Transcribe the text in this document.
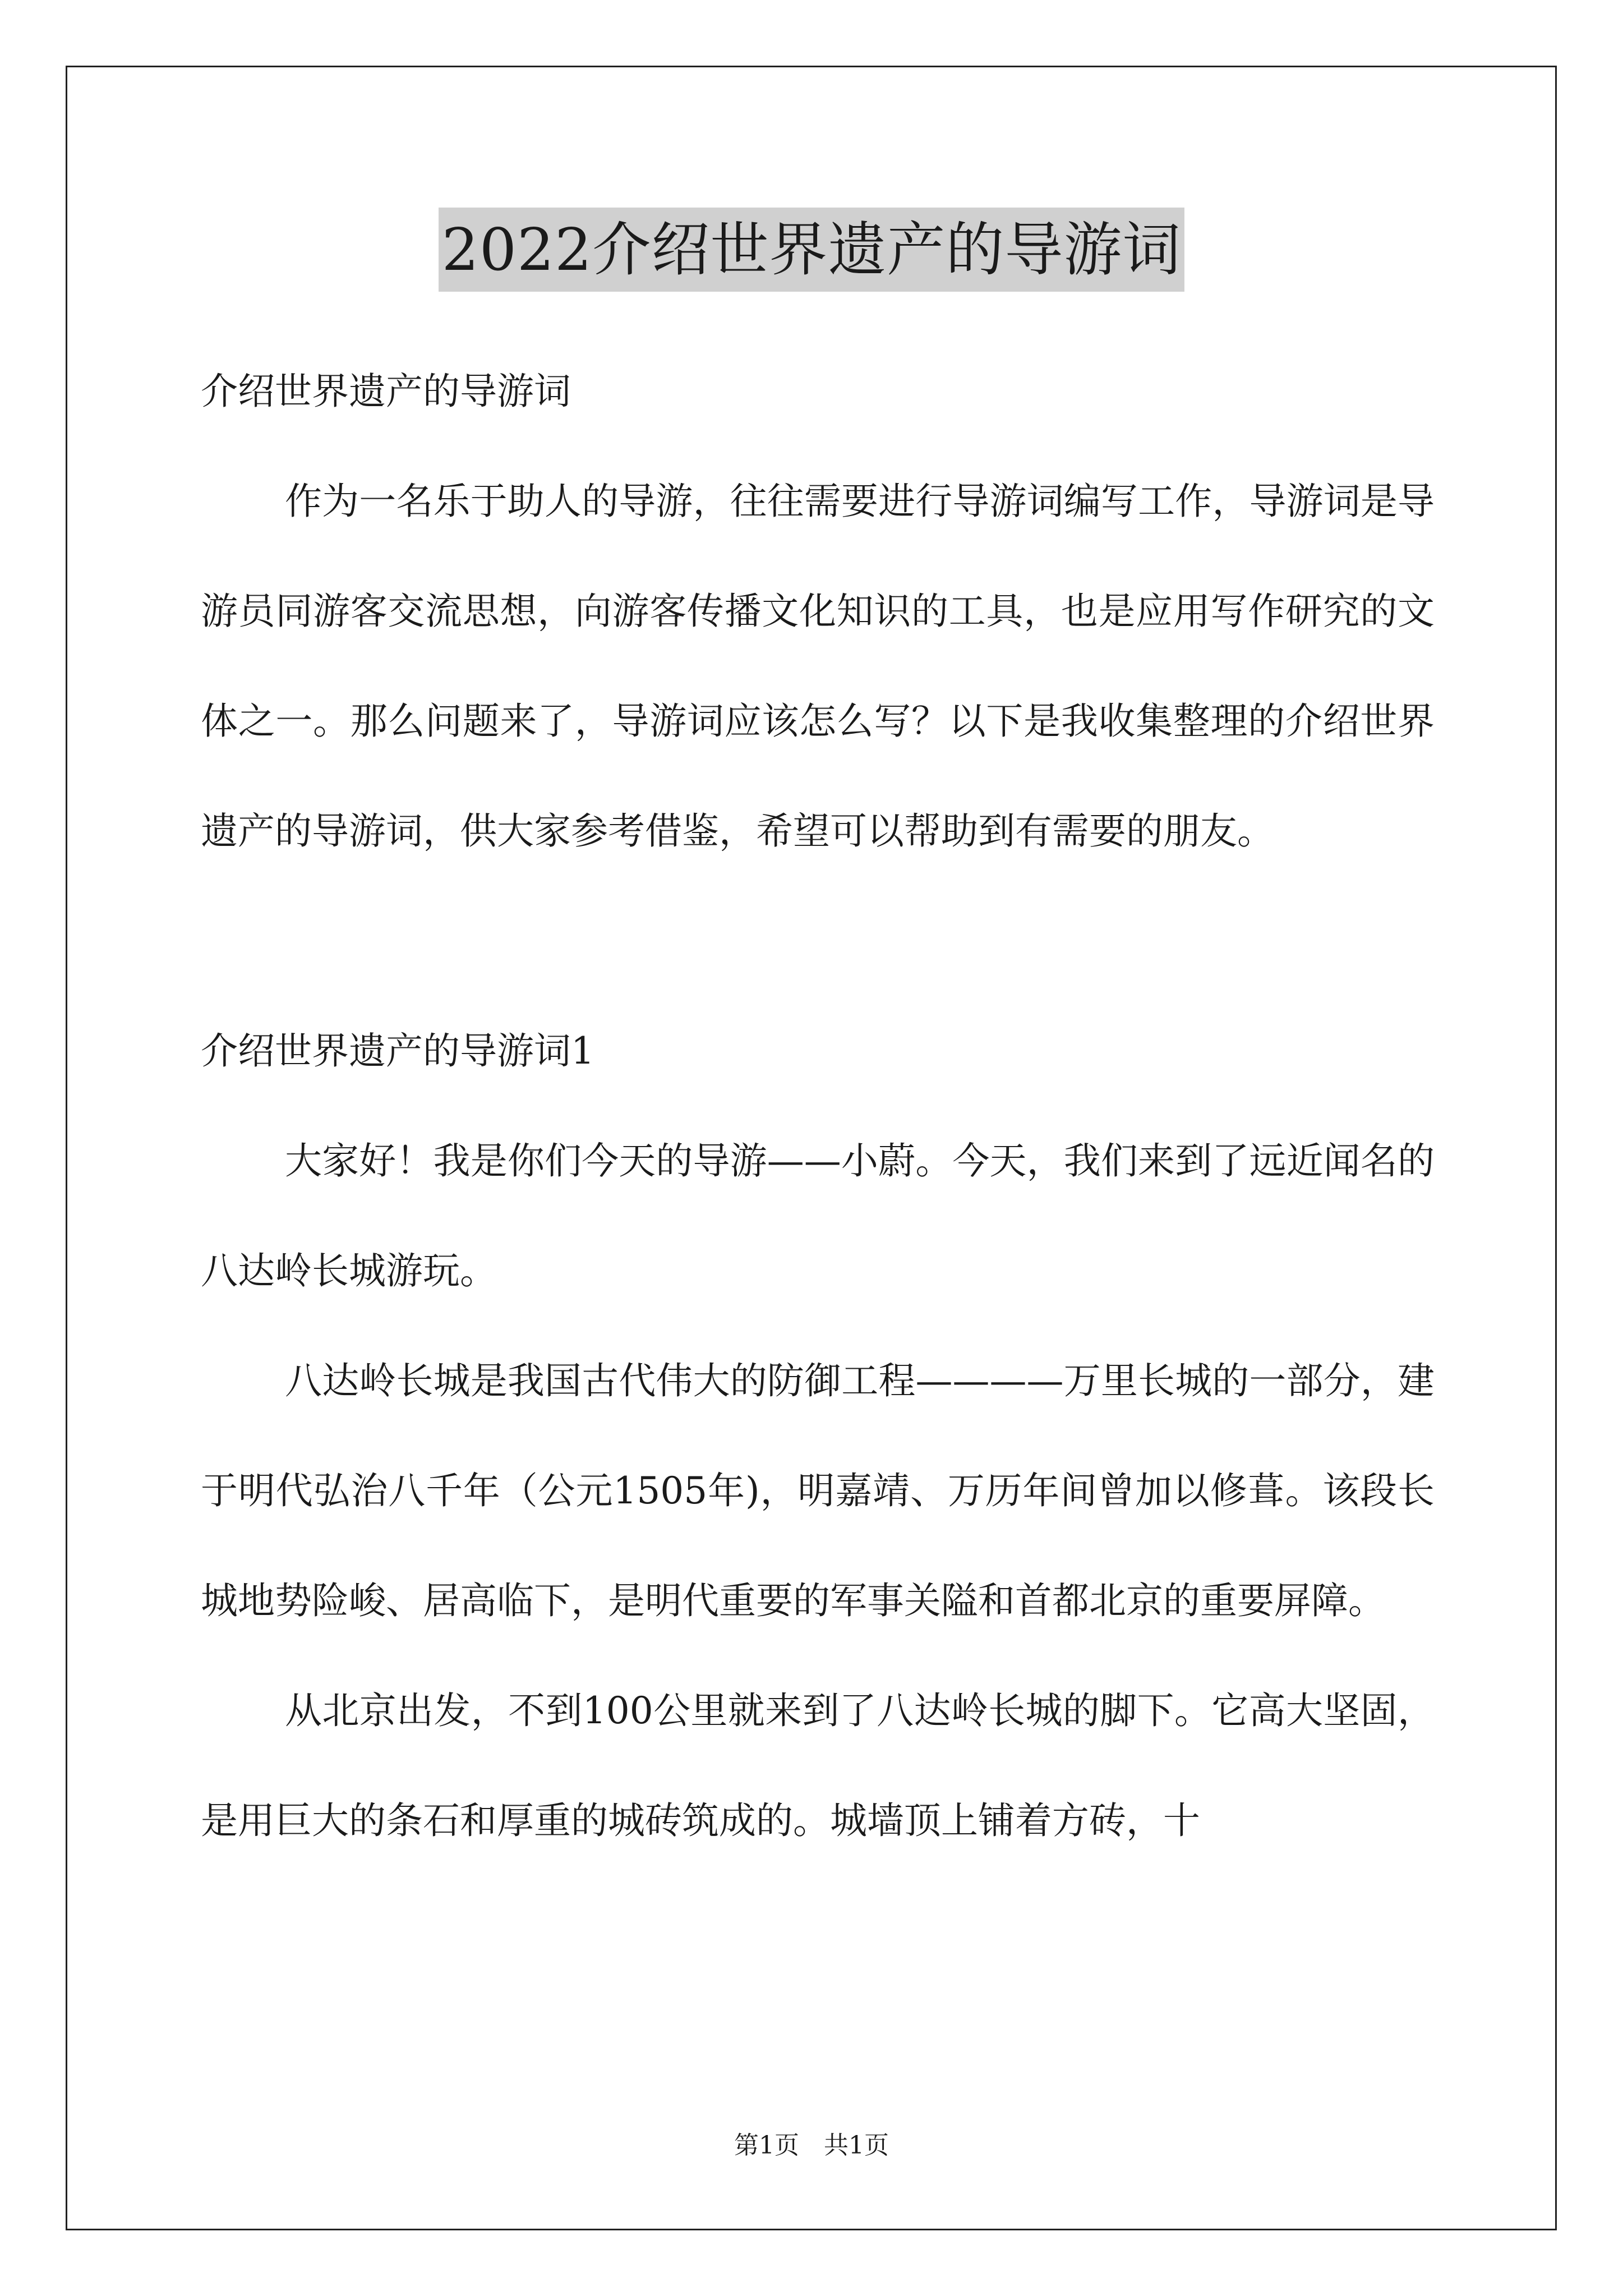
2022介绍世界遗产的导游词

介绍世界遗产的导游词

作为一名乐于助人的导游，往往需要进行导游词编写工作，导游词是导游员同游客交流思想，向游客传播文化知识的工具，也是应用写作研究的文体之一。那么问题来了，导游词应该怎么写？以下是我收集整理的介绍世界遗产的导游词，供大家参考借鉴，希望可以帮助到有需要的朋友。

介绍世界遗产的导游词1

大家好！我是你们今天的导游——小蔚。今天，我们来到了远近闻名的八达岭长城游玩。

八达岭长城是我国古代伟大的防御工程————万里长城的一部分，建于明代弘治八千年（公元1505年)，明嘉靖、万历年间曾加以修葺。该段长城地势险峻、居高临下，是明代重要的军事关隘和首都北京的重要屏障。

从北京出发，不到100公里就来到了八达岭长城的脚下。它高大坚固，是用巨大的条石和厚重的城砖筑成的。城墙顶上铺着方砖，十

第1页　共1页
